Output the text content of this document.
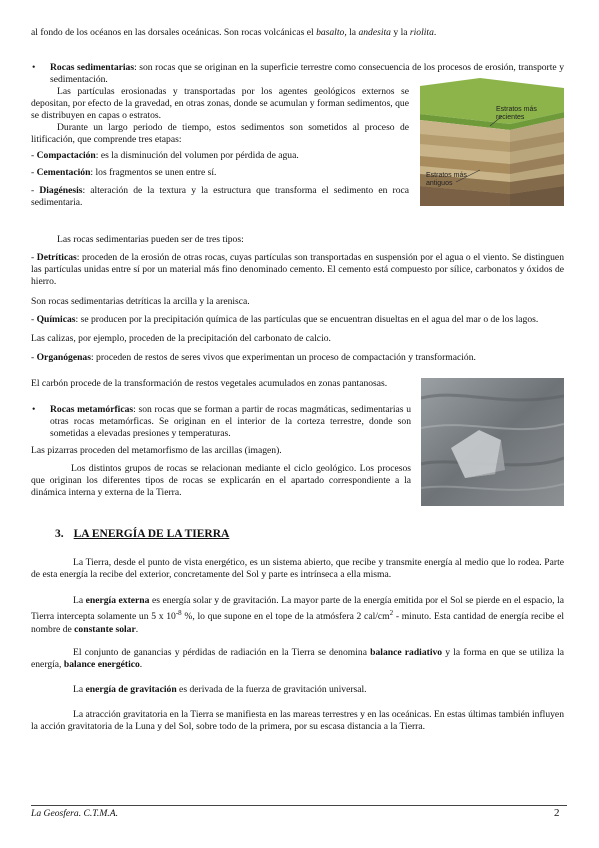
al fondo de los océanos en las dorsales oceánicas. Son rocas volcánicas el basalto, la andesita y la riolita.

• Rocas sedimentarias: son rocas que se originan en la superficie terrestre como consecuencia de los procesos de erosión, transporte y sedimentación.

Las partículas erosionadas y transportadas por los agentes geológicos externos se depositan, por efecto de la gravedad, en otras zonas, donde se acumulan y forman sedimentos, que se distribuyen en capas o estratos.

Durante un largo periodo de tiempo, estos sedimentos son sometidos al proceso de litificación, que comprende tres etapas:

- Compactación: es la disminución del volumen por pérdida de agua.

- Cementación: los fragmentos se unen entre sí.

- Diagénesis: alteración de la textura y la estructura que transforma el sedimento en roca sedimentaria.

Estratos más recientes
Estratos más antiguos

Las rocas sedimentarias pueden ser de tres tipos:

- Detríticas: proceden de la erosión de otras rocas, cuyas partículas son transportadas en suspensión por el agua o el viento. Se distinguen las partículas unidas entre sí por un material más fino denominado cemento. El cemento está compuesto por sílice, carbonatos y óxidos de hierro.

Son rocas sedimentarias detríticas la arcilla y la arenisca.

- Químicas: se producen por la precipitación química de las partículas que se encuentran disueltas en el agua del mar o de los lagos.

Las calizas, por ejemplo, proceden de la precipitación del carbonato de calcio.

- Organógenas: proceden de restos de seres vivos que experimentan un proceso de compactación y transformación.

El carbón procede de la transformación de restos vegetales acumulados en zonas pantanosas.

• Rocas metamórficas: son rocas que se forman a partir de rocas magmáticas, sedimentarias u otras rocas metamórficas. Se originan en el interior de la corteza terrestre, donde son sometidas a elevadas presiones y temperaturas.

Las pizarras proceden del metamorfismo de las arcillas (imagen).

Los distintos grupos de rocas se relacionan mediante el ciclo geológico. Los procesos que originan los diferentes tipos de rocas se explicarán en el apartado correspondiente a la dinámica interna y externa de la Tierra.

3. LA ENERGÍA DE LA TIERRA

La Tierra, desde el punto de vista energético, es un sistema abierto, que recibe y transmite energía al medio que lo rodea. Parte de esta energía la recibe del exterior, concretamente del Sol y parte es intrínseca a ella misma.

La energía externa es energía solar y de gravitación. La mayor parte de la energía emitida por el Sol se pierde en el espacio, la Tierra intercepta solamente un 5 x $10^{-8}$ %, lo que supone en el tope de la atmósfera 2 cal/$cm^2$ - minuto. Esta cantidad de energía recibe el nombre de constante solar.

El conjunto de ganancias y pérdidas de radiación en la Tierra se denomina balance radiativo y la forma en que se utiliza la energía, balance energético.

La energía de gravitación es derivada de la fuerza de gravitación universal.

La atracción gravitatoria en la Tierra se manifiesta en las mareas terrestres y en las oceánicas. En estas últimas también influyen la acción gravitatoria de la Luna y del Sol, sobre todo de la primera, por su escasa distancia a la Tierra.

La Geosfera. C.T.M.A.	2
